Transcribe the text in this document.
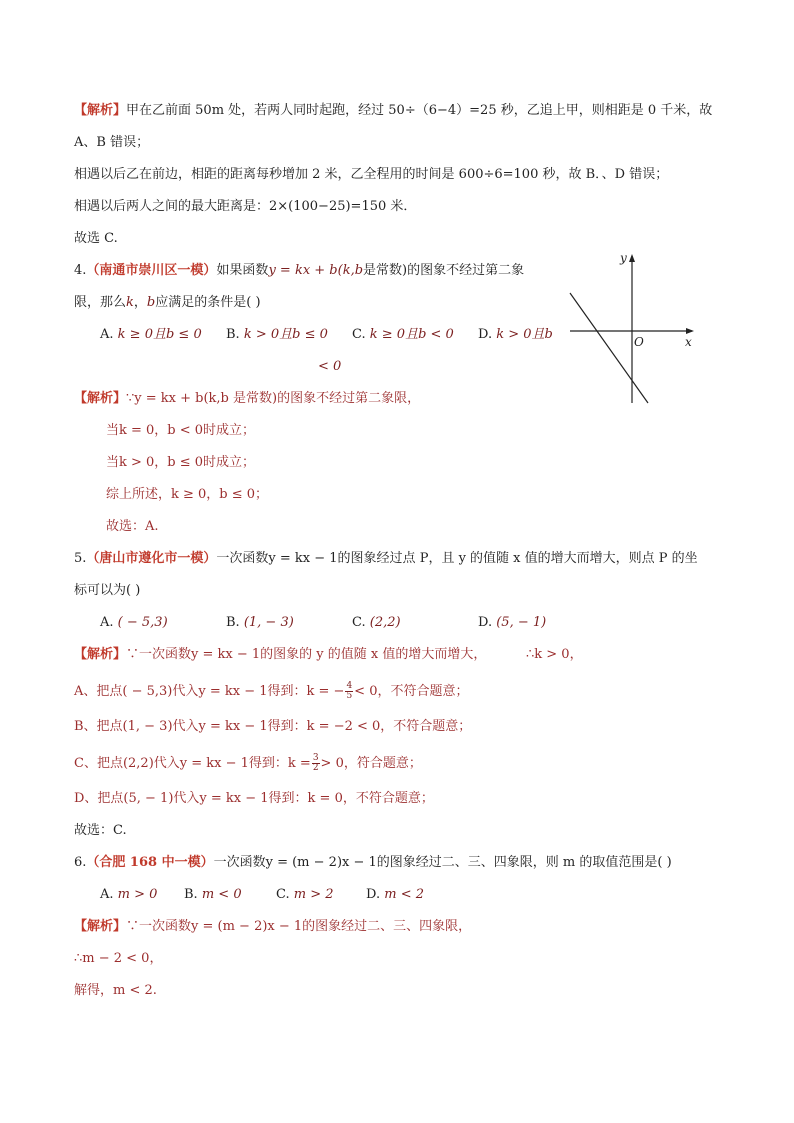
【解析】甲在乙前面 50m 处，若两人同时起跑，经过 50÷（6−4）=25 秒，乙追上甲，则相距是 0 千米，故
A、B 错误；
相遇以后乙在前边，相距的距离每秒增加 2 米，乙全程用的时间是 600÷6=100 秒，故 B．、D 错误；
相遇以后两人之间的最大距离是：2×(100−25)=150 米．
故选 C.
4.（南通市崇川区一模）如果函数y = kx + b(k,b是常数)的图象不经过第二象
限，那么k，b应满足的条件是( )
A. k ≥ 0且b ≤ 0 B. k > 0且b ≤ 0 C. k ≥ 0且b < 0 D. k > 0且b
< 0
y
x
O
【解析】∵y = kx + b(k,b 是常数)的图象不经过第二象限，
当k = 0，b < 0时成立；
当k > 0，b ≤ 0时成立；
综上所述，k ≥ 0，b ≤ 0；
故选：A.
5.（唐山市遵化市一模）一次函数y = kx − 1的图象经过点 P，且 y 的值随 x 值的增大而增大，则点 P 的坐
标可以为( )
A. ( − 5,3)	B. (1, − 3)	C. (2,2)	D. (5, − 1)
【解析】∵一次函数y = kx − 1的图象的 y 的值随 x 值的增大而增大，	∴k > 0，
A、把点( − 5,3)代入y = kx − 1得到：k = − $\frac{4}{5} < 0$，不符合题意；
B、把点(1, − 3)代入y = kx − 1得到：k = −2 < 0，不符合题意；
C、把点(2,2)代入y = kx − 1得到：$k = \frac{3}{2} > 0$，符合题意；
D、把点(5, − 1)代入y = kx − 1得到：k = 0，不符合题意；
故选：C.
6.（合肥 168 中一模）一次函数y = (m − 2)x − 1的图象经过二、三、四象限，则 m 的取值范围是( )
A. m > 0 B. m < 0	C. m > 2 D. m < 2
【解析】∵一次函数y = (m − 2)x − 1的图象经过二、三、四象限，
∴m − 2 < 0，
解得，m < 2.
